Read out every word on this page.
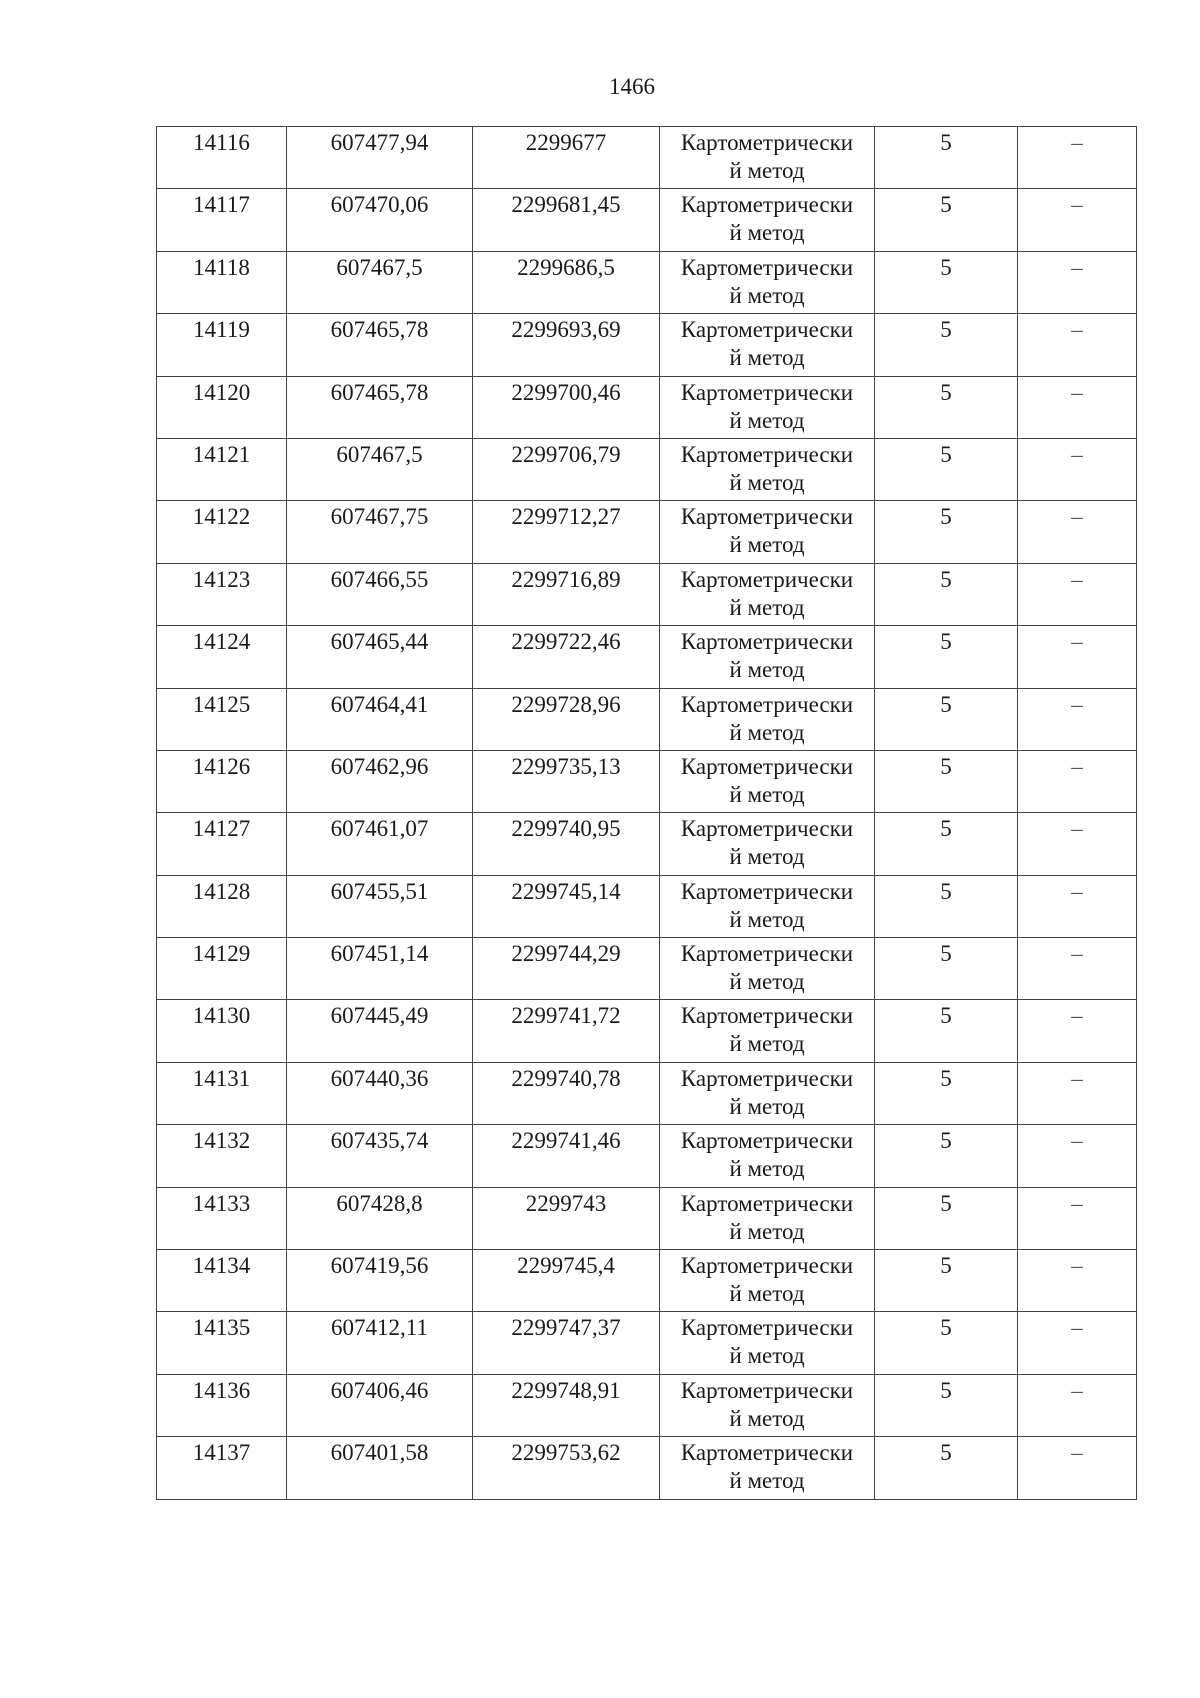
1466
14116	607477,94	2299677	Картометрически
й метод	5	–

14117	607470,06	2299681,45	Картометрически
й метод	5	–

14118	607467,5	2299686,5	Картометрически
й метод	5	–

14119	607465,78	2299693,69	Картометрически
й метод	5	–

14120	607465,78	2299700,46	Картометрически
й метод	5	–

14121	607467,5	2299706,79	Картометрически
й метод	5	–

14122	607467,75	2299712,27	Картометрически
й метод	5	–

14123	607466,55	2299716,89	Картометрически
й метод	5	–

14124	607465,44	2299722,46	Картометрически
й метод	5	–

14125	607464,41	2299728,96	Картометрически
й метод	5	–

14126	607462,96	2299735,13	Картометрически
й метод	5	–

14127	607461,07	2299740,95	Картометрически
й метод	5	–

14128	607455,51	2299745,14	Картометрически
й метод	5	–

14129	607451,14	2299744,29	Картометрически
й метод	5	–

14130	607445,49	2299741,72	Картометрически
й метод	5	–

14131	607440,36	2299740,78	Картометрически
й метод	5	–

14132	607435,74	2299741,46	Картометрически
й метод	5	–

14133	607428,8	2299743	Картометрически
й метод	5	–

14134	607419,56	2299745,4	Картометрически
й метод	5	–

14135	607412,11	2299747,37	Картометрически
й метод	5	–

14136	607406,46	2299748,91	Картометрически
й метод	5	–

14137	607401,58	2299753,62	Картометрически
й метод	5	–
